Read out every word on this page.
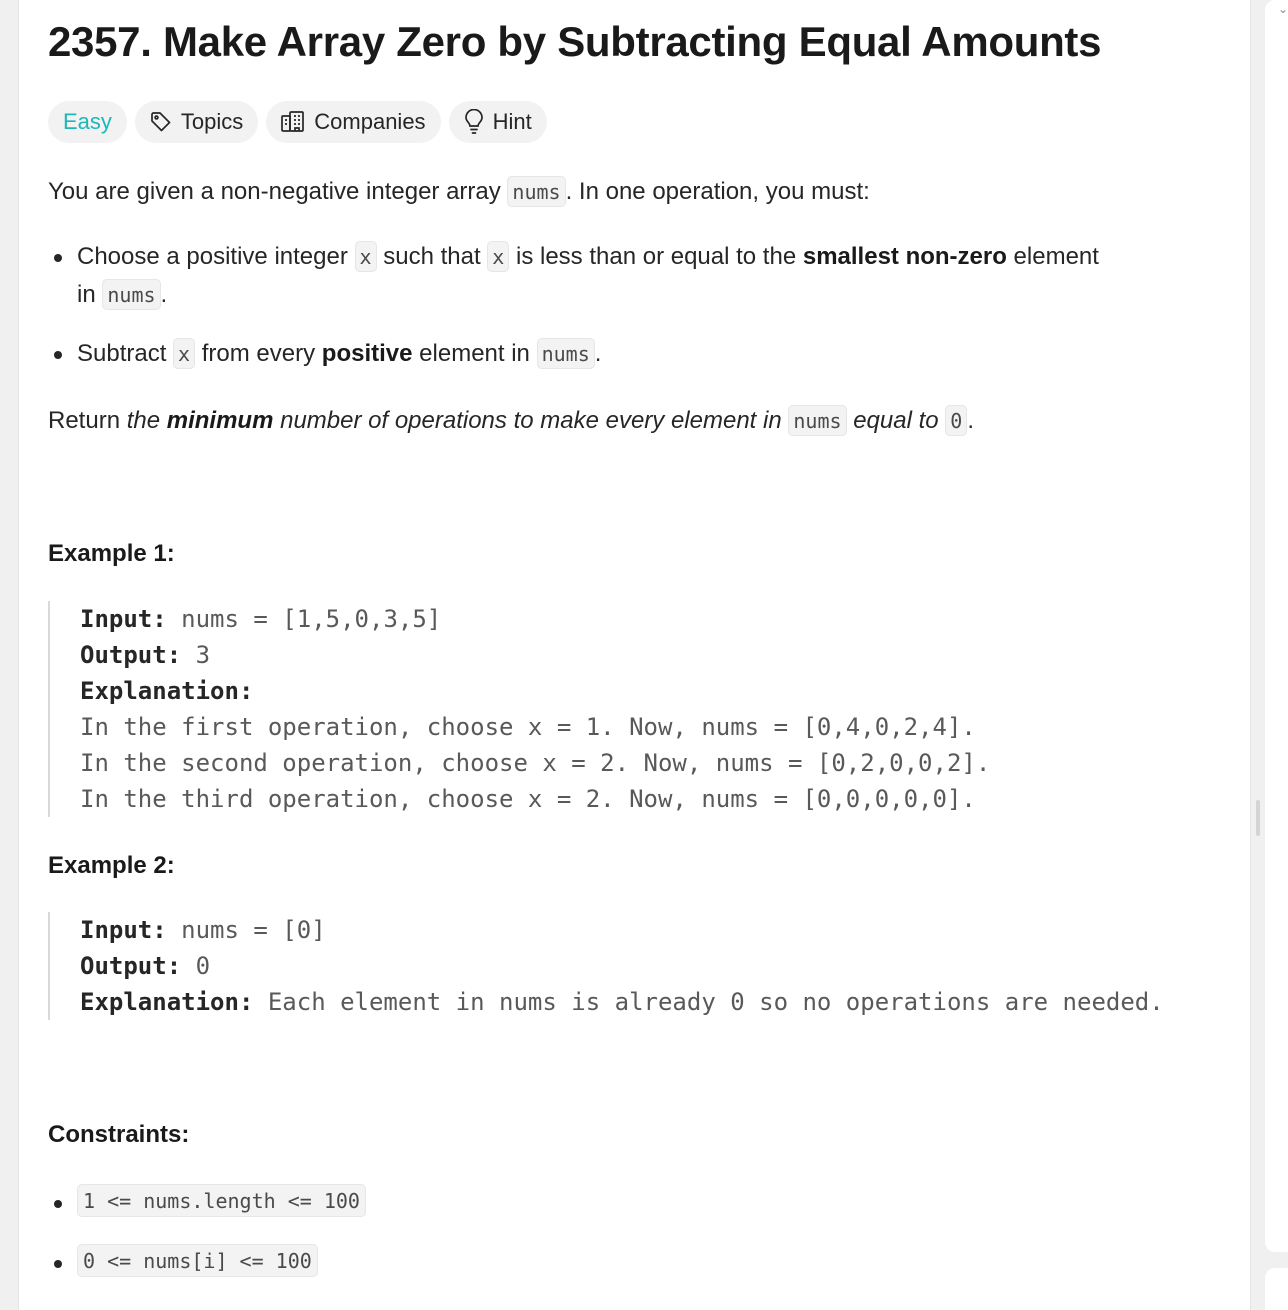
⌄
2357. Make Array Zero by Subtracting Equal Amounts
Easy	Topics	Companies	Hint
You are given a non-negative integer array nums . In one operation, you must:
Choose a positive integer x such that x is less than or equal to the smallest non-zero element
in nums .
Subtract x from every positive element in nums .
Return the minimum number of operations to make every element in nums equal to 0 .
Example 1:
Input: nums = [1,5,0,3,5]
Output: 3
Explanation:
In the first operation, choose x = 1. Now, nums = [0,4,0,2,4].
In the second operation, choose x = 2. Now, nums = [0,2,0,0,2].
In the third operation, choose x = 2. Now, nums = [0,0,0,0,0].
Example 2:
Input: nums = [0]
Output: 0
Explanation: Each element in nums is already 0 so no operations are needed.
Constraints:
1 <= nums.length <= 100
0 <= nums[i] <= 100
